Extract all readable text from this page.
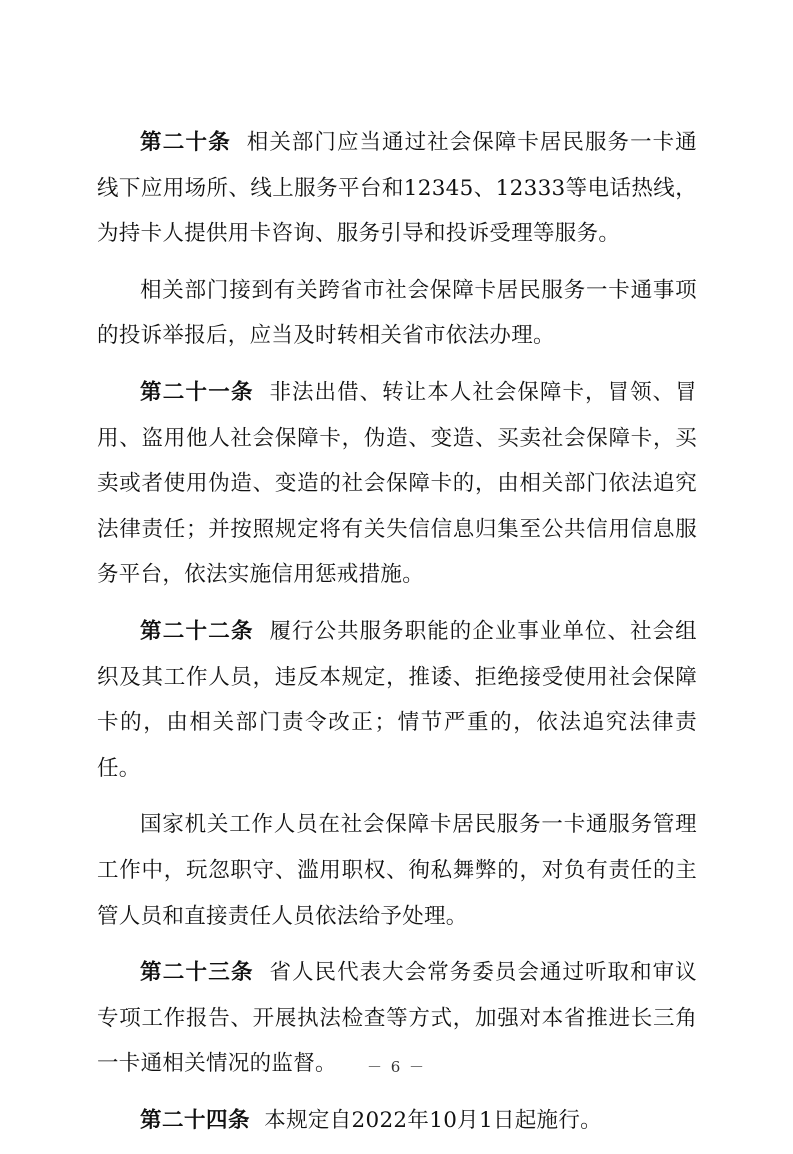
第二十条 相关部门应当通过社会保障卡居民服务一卡通线下应用场所、线上服务平台和12345、12333等电话热线，为持卡人提供用卡咨询、服务引导和投诉受理等服务。

相关部门接到有关跨省市社会保障卡居民服务一卡通事项的投诉举报后，应当及时转相关省市依法办理。

第二十一条 非法出借、转让本人社会保障卡，冒领、冒用、盗用他人社会保障卡，伪造、变造、买卖社会保障卡，买卖或者使用伪造、变造的社会保障卡的，由相关部门依法追究法律责任；并按照规定将有关失信信息归集至公共信用信息服务平台，依法实施信用惩戒措施。

第二十二条 履行公共服务职能的企业事业单位、社会组织及其工作人员，违反本规定，推诿、拒绝接受使用社会保障卡的，由相关部门责令改正；情节严重的，依法追究法律责任。

国家机关工作人员在社会保障卡居民服务一卡通服务管理工作中，玩忽职守、滥用职权、徇私舞弊的，对负有责任的主管人员和直接责任人员依法给予处理。

第二十三条 省人民代表大会常务委员会通过听取和审议专项工作报告、开展执法检查等方式，加强对本省推进长三角一卡通相关情况的监督。

第二十四条 本规定自2022年10月1日起施行。

－ 6 －
